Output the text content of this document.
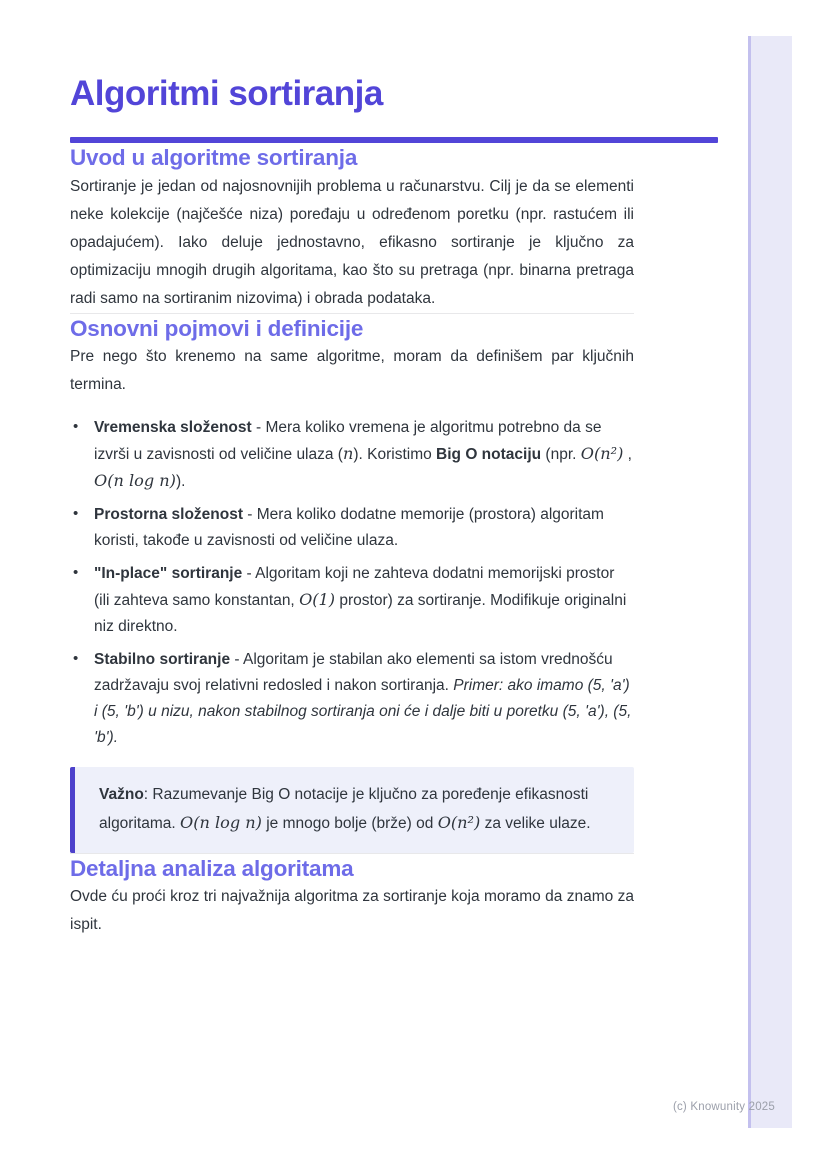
Algoritmi sortiranja
Uvod u algoritme sortiranja

Sortiranje je jedan od najosnovnijih problema u računarstvu. Cilj je da se elementi neke kolekcije (najčešće niza) poređaju u određenom poretku (npr. rastućem ili opadajućem). Iako deluje jednostavno, efikasno sortiranje je ključno za optimizaciju mnogih drugih algoritama, kao što su pretraga (npr. binarna pretraga radi samo na sortiranim nizovima) i obrada podataka.

Osnovni pojmovi i definicije

Pre nego što krenemo na same algoritme, moram da definišem par ključnih termina.

• Vremenska složenost - Mera koliko vremena je algoritmu potrebno da se izvrši u zavisnosti od veličine ulaza (n). Koristimo Big O notaciju (npr. O(n²) , O(n log n)).
• Prostorna složenost - Mera koliko dodatne memorije (prostora) algoritam koristi, takođe u zavisnosti od veličine ulaza.
• "In-place" sortiranje - Algoritam koji ne zahteva dodatni memorijski prostor (ili zahteva samo konstantan, O(1) prostor) za sortiranje. Modifikuje originalni niz direktno.
• Stabilno sortiranje - Algoritam je stabilan ako elementi sa istom vrednošću zadržavaju svoj relativni redosled i nakon sortiranja. Primer: ako imamo (5, 'a') i (5, 'b') u nizu, nakon stabilnog sortiranja oni će i dalje biti u poretku (5, 'a'), (5, 'b').
Važno: Razumevanje Big O notacije je ključno za poređenje efikasnosti algoritama. O(n log n) je mnogo bolje (brže) od O(n²) za velike ulaze.
Detaljna analiza algoritama

Ovde ću proći kroz tri najvažnija algoritma za sortiranje koja moramo da znamo za ispit.

(c) Knowunity 2025
